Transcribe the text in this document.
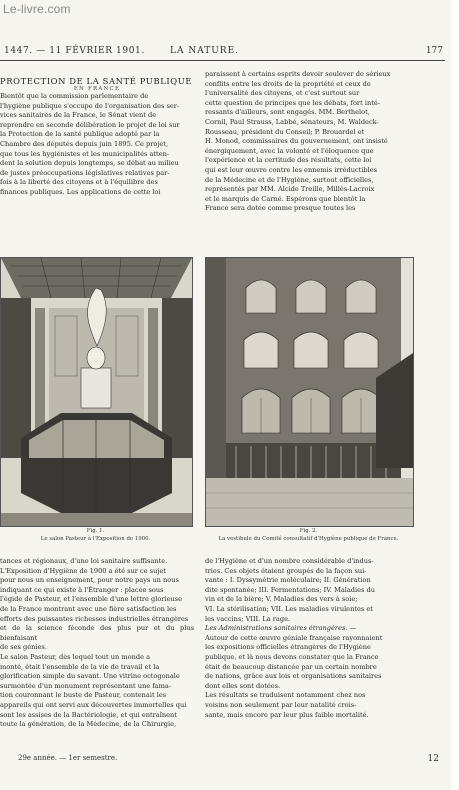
Le-livre.com
1447. — 11 FÉVRIER 1901.	LA NATURE.	177
PROTECTION DE LA SANTÉ PUBLIQUE
EN FRANCE

Bientôt que la commission parlementaire de

l'hygiène publique s'occupe de l'organisation des ser-

vices sanitaires de la France, le Sénat vient de

reprendre en seconde délibération le projet de loi sur

la Protection de la santé publique adopté par la

Chambre des députés depuis juin 1895. Ce projet,

que tous les hygiénistes et les municipalités atten-

dent la solution depuis longtemps, se débat au milieu

de justes préoccupations législatives relatives par-

fois à la liberté des citoyens et à l'équilibre des

finances publiques. Les applications de cette loi

paraissent à certains esprits devoir soulever de sérieux

conflits entre les droits de la propriété et ceux de

l'universalité des citoyens, et c'est surtout sur

cette question de principes que les débats, fort inté-

ressants d'ailleurs, sont engagés. MM. Berthelot,

Cornil, Paul Strauss, Labbé, sénateurs, M. Waldeck-

Rousseau, président du Conseil; P. Brouardel et

H. Monod, commissaires du gouvernement, ont insisté

énergiquement, avec la volonté et l'éloquence que

l'expérience et la certitude des résultats, cette loi

qui est leur œuvre contre les ennemis irréductibles

de la Médecine et de l'Hygiène, surtout officielles,

représentés par MM. Alcide Treille, Millès-Lacroix

et le marquis de Carné. Espérons que bientôt la

France sera dotée comme presque toutes les

Fig. 1.
Le salon Pasteur à l'Exposition de 1900.
Fig. 2.
La vestibule du Comité consultatif d'Hygiène publique de France.

tances et régionaux, d'une loi sanitaire suffisante.

L'Exposition d'Hygiène de 1900 a été sur ce sujet

pour nous un enseignement, pour notre pays un nous

indiquant ce qui existe à l'Étranger : placée sous

l'égide de Pasteur, et l'ensemble d'une lettre glorieuse

de la France montrant avec une fière satisfaction les

efforts des puissantes richesses industrielles étrangères

et de la science féconde des plus pur et du plus bienfaisant

de ses génies.

Le salon Pasteur, dès lequel tout un monde a

monté, était l'ensemble de la vie de travail et la

glorification simple du savant. Une vitrine octogonale

surmontée d'un monument représentant une fama-

tion couronnant le buste de Pasteur, contenait les

appareils qui ont servi aux découvertes immortelles qui

sont les assises de la Bactériologie, et qui entraînent

toute la génération, de la Médecine, de la Chirurgie,

de l'Hygiène et d'un nombre considérable d'indus-

tries. Ces objets étaient groupés de la façon sui-

vante : I. Dyssymétrie moléculaire; II. Génération

dite spontanée; III. Fermentations; IV. Maladies du

vin et de la bière; V. Maladies des vers à soie;

VI. La stérilisation; VII. Les maladies virulentes et

les vaccins; VIII. La rage.

Les Administrations sanitaires étrangères. —

Autour de cette œuvre géniale française rayonnaient

les expositions officielles étrangères de l'Hygiène

publique, et là nous devons constater que la France

était de beaucoup distancée par un certain nombre

de nations, grâce aux lois et organisations sanitaires

dont elles sont dotées.

Les résultats se traduisent notamment chez nos

voisins non seulement par leur natalité crois-

sante, mais encore par leur plus faible mortalité.

29e année. — 1er semestre.	12
